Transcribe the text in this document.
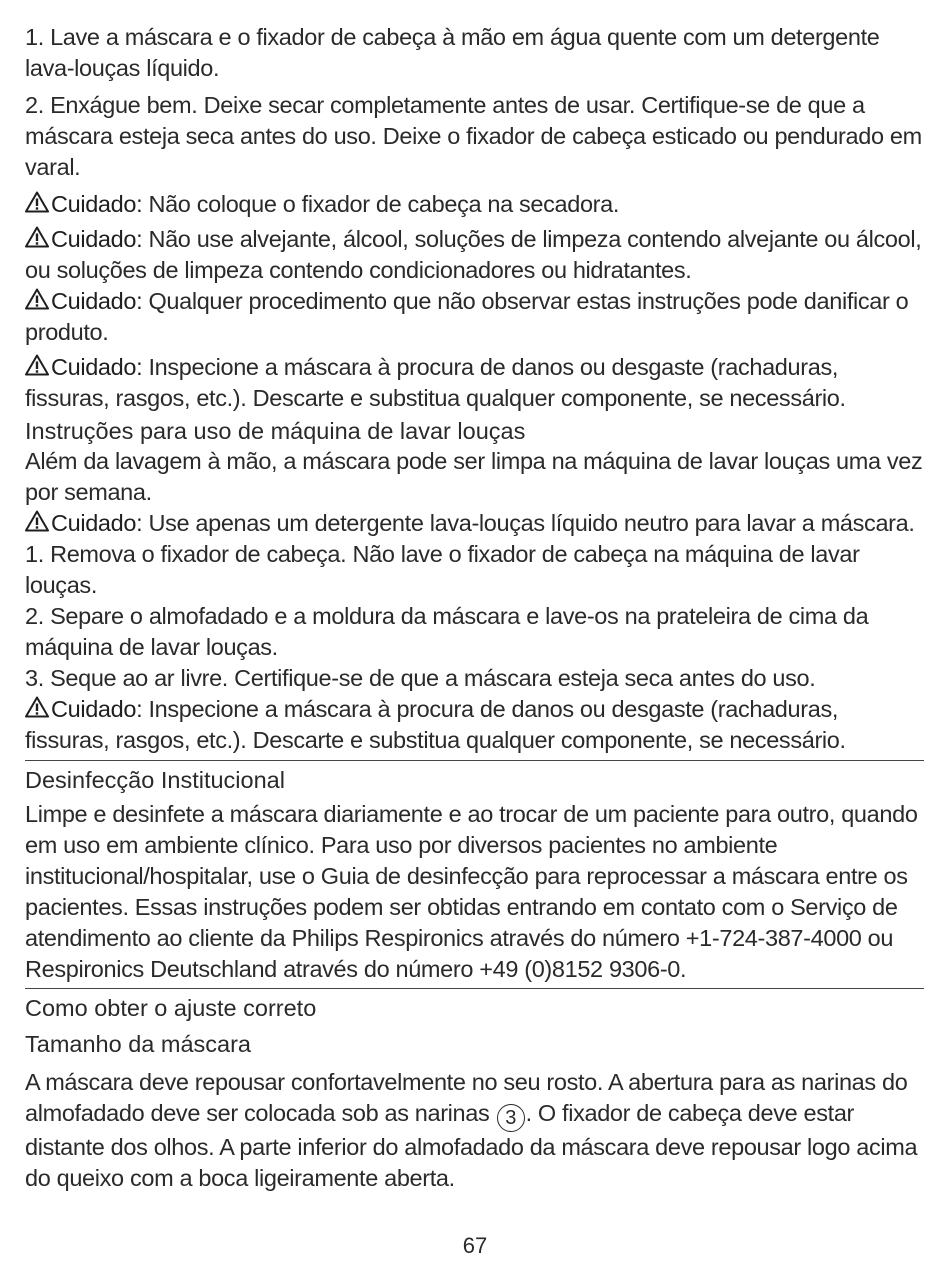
1. Lave a máscara e o fixador de cabeça à mão em água quente com um detergente lava-louças líquido.

2. Enxágue bem. Deixe secar completamente antes de usar. Certifique-se de que a máscara esteja seca antes do uso. Deixe o fixador de cabeça esticado ou pendurado em varal.

Cuidado: Não coloque o fixador de cabeça na secadora.

Cuidado: Não use alvejante, álcool, soluções de limpeza contendo alvejante ou álcool, ou soluções de limpeza contendo condicionadores ou hidratantes.

Cuidado: Qualquer procedimento que não observar estas instruções pode danificar o produto.

Cuidado: Inspecione a máscara à procura de danos ou desgaste (rachaduras, fissuras, rasgos, etc.). Descarte e substitua qualquer componente, se necessário.

Instruções para uso de máquina de lavar louças

Além da lavagem à mão, a máscara pode ser limpa na máquina de lavar louças uma vez por semana.

Cuidado: Use apenas um detergente lava-louças líquido neutro para lavar a máscara.

1. Remova o fixador de cabeça. Não lave o fixador de cabeça na máquina de lavar louças.

2. Separe o almofadado e a moldura da máscara e lave-os na prateleira de cima da máquina de lavar louças.

3. Seque ao ar livre. Certifique-se de que a máscara esteja seca antes do uso.

Cuidado: Inspecione a máscara à procura de danos ou desgaste (rachaduras, fissuras, rasgos, etc.). Descarte e substitua qualquer componente, se necessário.

Desinfecção Institucional

Limpe e desinfete a máscara diariamente e ao trocar de um paciente para outro, quando em uso em ambiente clínico. Para uso por diversos pacientes no ambiente institucional/hospitalar, use o Guia de desinfecção para reprocessar a máscara entre os pacientes. Essas instruções podem ser obtidas entrando em contato com o Serviço de atendimento ao cliente da Philips Respironics através do número +1-724-387-4000 ou Respironics Deutschland através do número +49 (0)8152 9306-0.

Como obter o ajuste correto

Tamanho da máscara

A máscara deve repousar confortavelmente no seu rosto. A abertura para as narinas do almofadado deve ser colocada sob as narinas 3 . O fixador de cabeça deve estar distante dos olhos. A parte inferior do almofadado da máscara deve repousar logo acima do queixo com a boca ligeiramente aberta.

67
